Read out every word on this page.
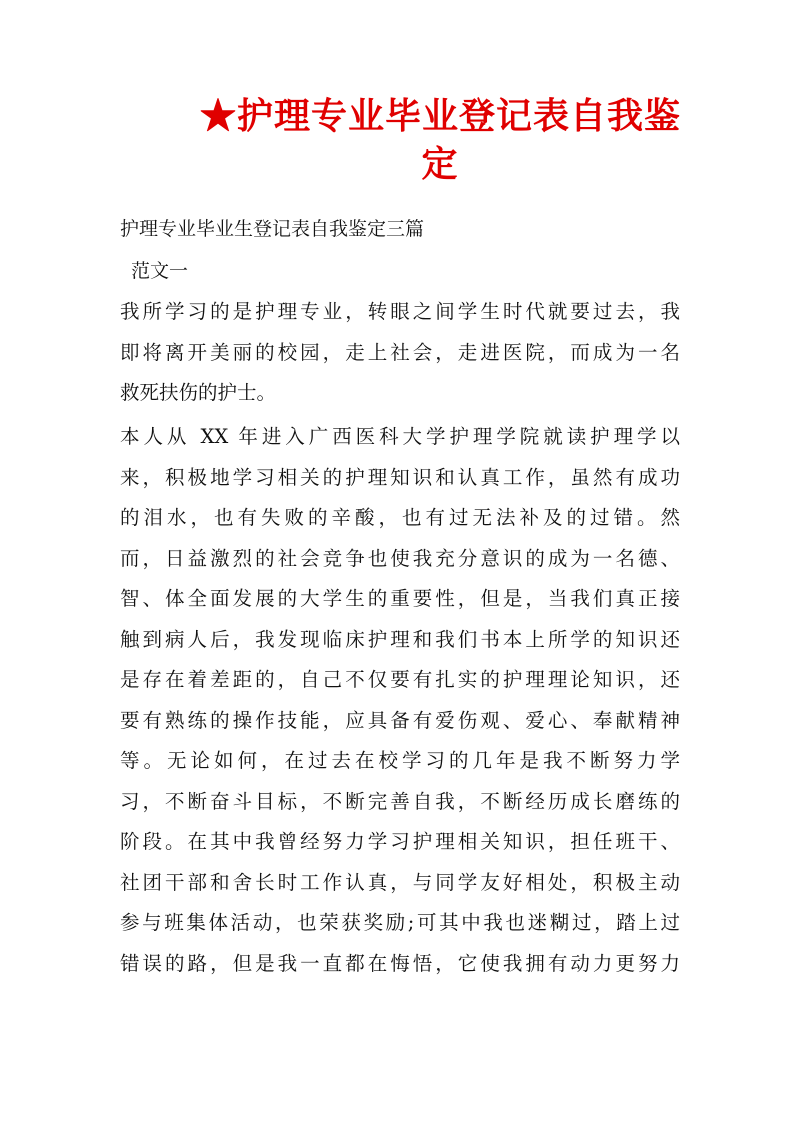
★护理专业毕业登记表自我鉴
定

护理专业毕业生登记表自我鉴定三篇

范文一

我所学习的是护理专业，转眼之间学生时代就要过去，我
即将离开美丽的校园，走上社会，走进医院，而成为一名
救死扶伤的护士。
本人从 XX 年进入广西医科大学护理学院就读护理学以
来，积极地学习相关的护理知识和认真工作，虽然有成功
的泪水，也有失败的辛酸，也有过无法补及的过错。然
而，日益激烈的社会竞争也使我充分意识的成为一名德、
智、体全面发展的大学生的重要性，但是，当我们真正接
触到病人后，我发现临床护理和我们书本上所学的知识还
是存在着差距的，自己不仅要有扎实的护理理论知识，还
要有熟练的操作技能，应具备有爱伤观、爱心、奉献精神
等。无论如何，在过去在校学习的几年是我不断努力学
习，不断奋斗目标，不断完善自我，不断经历成长磨练的
阶段。在其中我曾经努力学习护理相关知识，担任班干、
社团干部和舍长时工作认真，与同学友好相处，积极主动
参与班集体活动，也荣获奖励;可其中我也迷糊过，踏上过
错误的路，但是我一直都在悔悟，它使我拥有动力更努力
